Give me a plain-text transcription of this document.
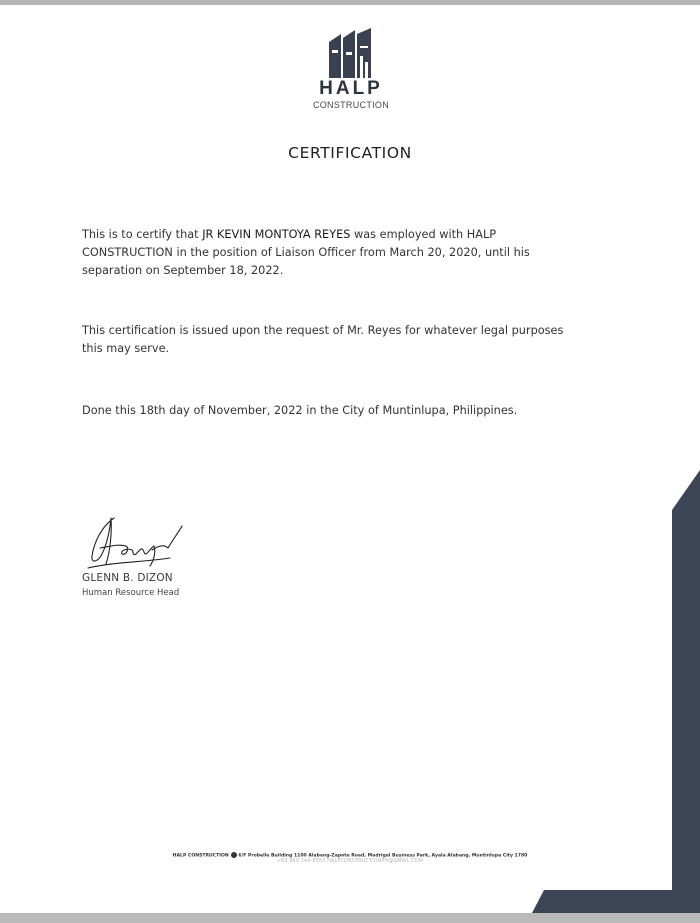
HALP
CONSTRUCTION
CERTIFICATION
This is to certify that JR KEVIN MONTOYA REYES was employed with HALP CONSTRUCTION in the position of Liaison Officer from March 20, 2020, until his separation on September 18, 2022.
This certification is issued upon the request of Mr. Reyes for whatever legal purposes this may serve.
Done this 18th day of November, 2022 in the City of Muntinlupa, Philippines.
GLENN B. DIZON
Human Resource Head
HALP CONSTRUCTION 6/F Probelle Building 1100 Alabang-Zapote Road, Madrigal Business Park, Ayala Alabang, Muntinlupa City 1780
+63 960 344-8563 HALPCONSTRUCTIONPH@GMAIL.COM
